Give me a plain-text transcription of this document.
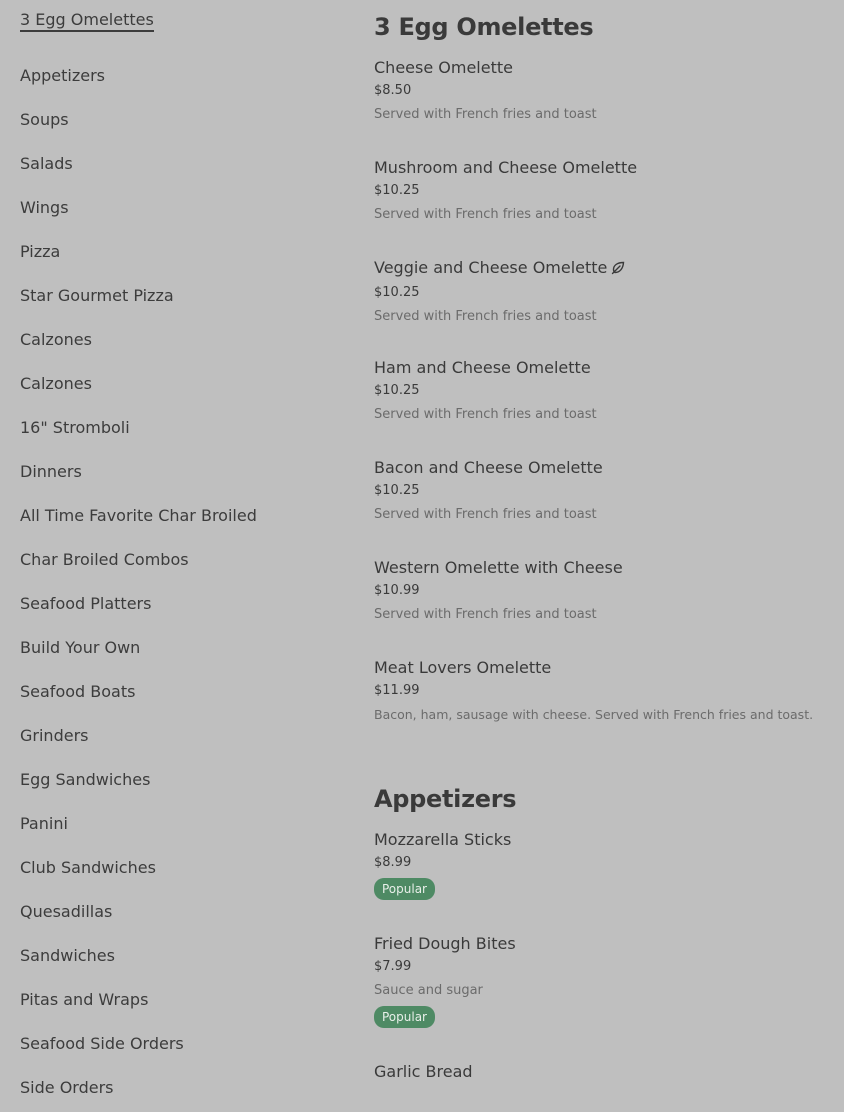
3 Egg Omelettes
Appetizers
Soups
Salads
Wings
Pizza
Star Gourmet Pizza
Calzones
Calzones
16" Stromboli
Dinners
All Time Favorite Char Broiled
Char Broiled Combos
Seafood Platters
Build Your Own
Seafood Boats
Grinders
Egg Sandwiches
Panini
Club Sandwiches
Quesadillas
Sandwiches
Pitas and Wraps
Seafood Side Orders
Side Orders
3 Egg Omelettes
Cheese Omelette
$8.50
Served with French fries and toast
Mushroom and Cheese Omelette
$10.25
Served with French fries and toast
Veggie and Cheese Omelette
$10.25
Served with French fries and toast
Ham and Cheese Omelette
$10.25
Served with French fries and toast
Bacon and Cheese Omelette
$10.25
Served with French fries and toast
Western Omelette with Cheese
$10.99
Served with French fries and toast
Meat Lovers Omelette
$11.99
Bacon, ham, sausage with cheese. Served with French fries and toast.
Appetizers
Mozzarella Sticks
$8.99
Popular
Fried Dough Bites
$7.99
Sauce and sugar
Popular
Garlic Bread
